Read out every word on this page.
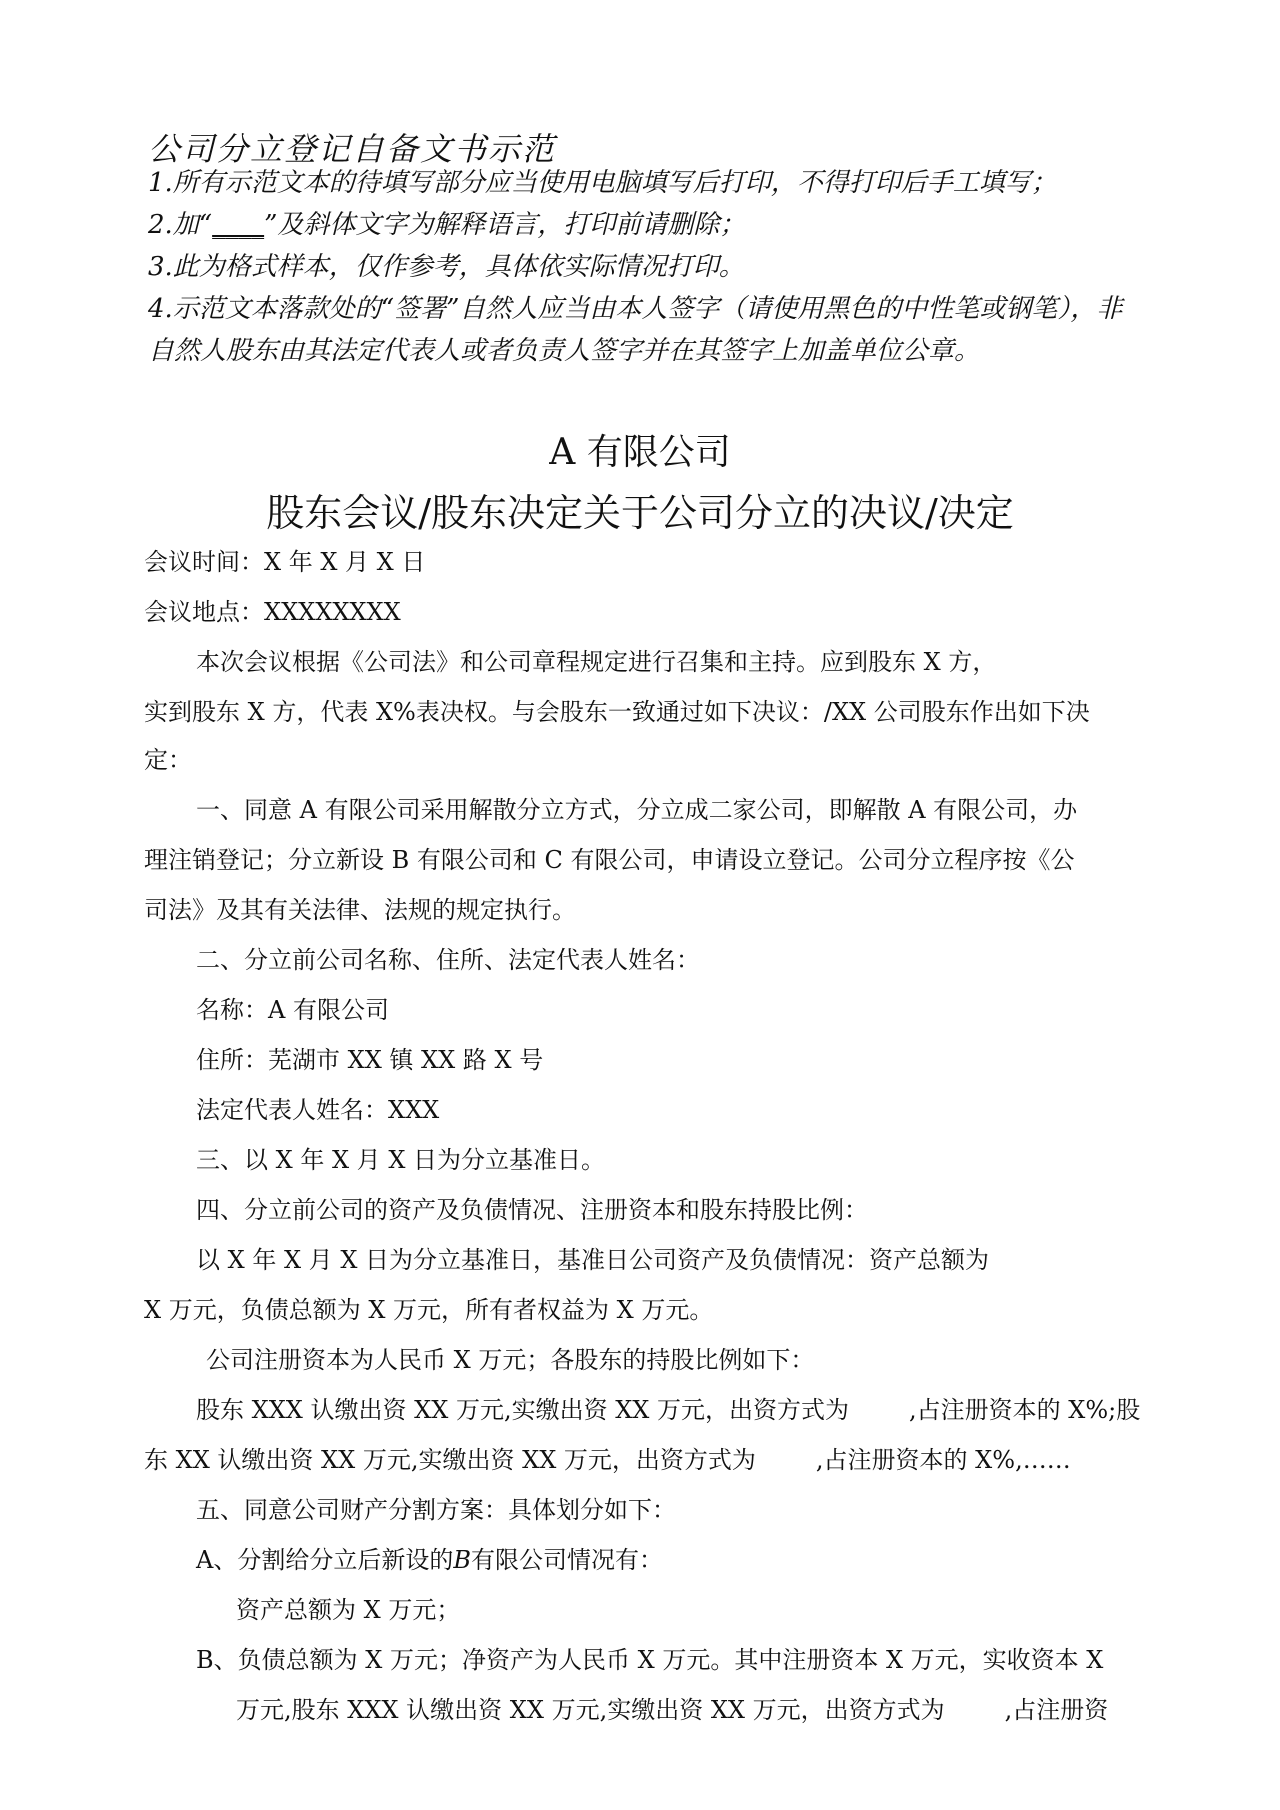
公司分立登记自备文书示范
1.所有示范文本的待填写部分应当使用电脑填写后打印，不得打印后手工填写；
2.加“____”及斜体文字为解释语言，打印前请删除；
3.此为格式样本，仅作参考，具体依实际情况打印。
4.示范文本落款处的“签署”自然人应当由本人签字（请使用黑色的中性笔或钢笔），非
自然人股东由其法定代表人或者负责人签字并在其签字上加盖单位公章。
A 有限公司
股东会议/股东决定关于公司分立的决议/决定
会议时间：X 年 X 月 X 日
会议地点：XXXXXXXX
本次会议根据《公司法》和公司章程规定进行召集和主持。应到股东 X 方，
实到股东 X 方，代表 X%表决权。与会股东一致通过如下决议：/XX 公司股东作出如下决
定：
一、同意 A 有限公司采用解散分立方式，分立成二家公司，即解散 A 有限公司，办
理注销登记；分立新设 B 有限公司和 C 有限公司，申请设立登记。公司分立程序按《公
司法》及其有关法律、法规的规定执行。
二、分立前公司名称、住所、法定代表人姓名：
名称：A 有限公司
住所：芜湖市 XX 镇 XX 路 X 号
法定代表人姓名：XXX
三、以 X 年 X 月 X 日为分立基准日。
四、分立前公司的资产及负债情况、注册资本和股东持股比例：
以 X 年 X 月 X 日为分立基准日，基准日公司资产及负债情况：资产总额为
X 万元，负债总额为 X 万元，所有者权益为 X 万元。
公司注册资本为人民币 X 万元；各股东的持股比例如下：
股东 XXX 认缴出资 XX 万元,实缴出资 XX 万元，出资方式为	,占注册资本的 X%;股
东 XX 认缴出资 XX 万元,实缴出资 XX 万元，出资方式为	,占注册资本的 X%,……
五、同意公司财产分割方案：具体划分如下：
A、分割给分立后新设的B有限公司情况有：
资产总额为 X 万元；
B、负债总额为 X 万元；净资产为人民币 X 万元。其中注册资本 X 万元，实收资本 X
万元,股东 XXX 认缴出资 XX 万元,实缴出资 XX 万元，出资方式为	,占注册资
